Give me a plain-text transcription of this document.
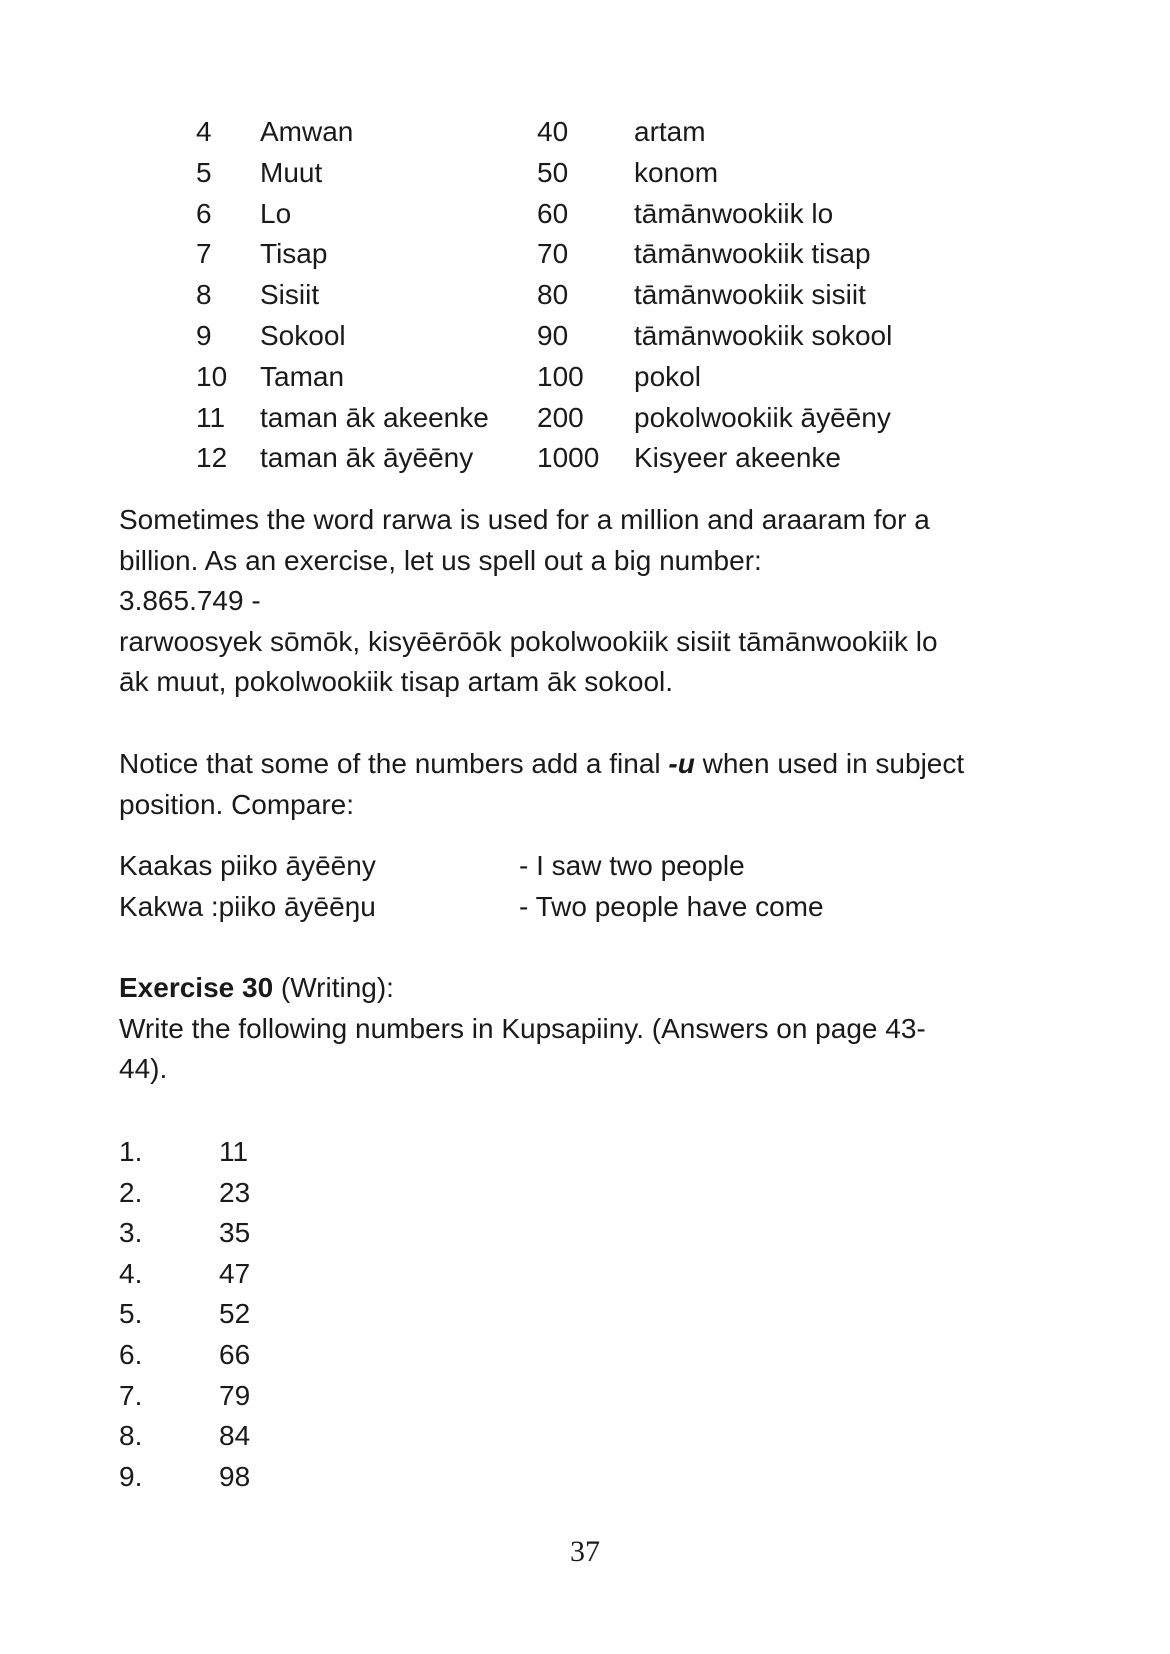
4	Amwan	40	artam
5	Muut	50	konom
6	Lo	60	tāmānwookiik lo
7	Tisap	70	tāmānwookiik tisap
8	Sisiit	80	tāmānwookiik sisiit
9	Sokool	90	tāmānwookiik sokool
10	Taman	100	pokol
11	taman āk akeenke	200	pokolwookiik āyēēny
12	taman āk āyēēny	1000	Kisyeer akeenke

Sometimes the word rarwa is used for a million and araaram for a
billion. As an exercise, let us spell out a big number:
3.865.749 -
rarwoosyek sōmōk, kisyēērōōk pokolwookiik sisiit tāmānwookiik lo
āk muut, pokolwookiik tisap artam āk sokool.

Notice that some of the numbers add a final -u when used in subject
position. Compare:

Kaakas piiko āyēēny	- I saw two people
Kakwa :piiko āyēēŋu	- Two people have come

Exercise 30 (Writing):
Write the following numbers in Kupsapiiny. (Answers on page 43-
44).

1.	11
2.	23
3.	35
4.	47
5.	52
6.	66
7.	79
8.	84
9.	98
37
